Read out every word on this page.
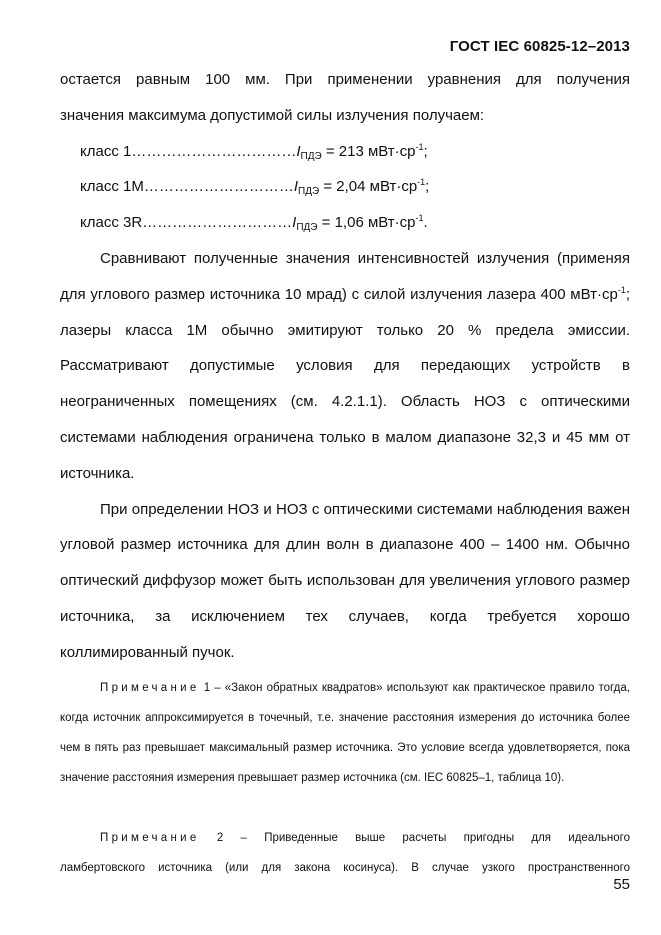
ГОСТ IEC 60825-12–2013

остается равным 100 мм. При применении уравнения для получения

значения максимума допустимой силы излучения получаем:

класс $1\dots\dots\dots\dots\dots\dots\dots\dots\dots\dots\dots I_{ПДЭ} = 213$ $мВт\cdot ср^{-1}$;

класс $1М\dots\dots\dots\dots\dots\dots\dots\dots\dots\dots I_{ПДЭ} = 2,04$ $мВт\cdot ср^{-1}$;

класс $3R\dots\dots\dots\dots\dots\dots\dots\dots\dots\dots I_{ПДЭ} = 1,06$ $мВт\cdot ср^{-1}$.

Сравнивают полученные значения интенсивностей излучения (применяя для углового размер источника 10 мрад) с силой излучения лазера 400 $мВт\cdot ср^{-1}$; лазеры класса 1М обычно эмитируют только 20 % предела эмиссии. Рассматривают допустимые условия для передающих устройств в неограниченных помещениях (см. 4.2.1.1). Область НОЗ с оптическими системами наблюдения ограничена только в малом диапазоне 32,3 и 45 мм от источника.

При определении НОЗ и НОЗ с оптическими системами наблюдения важен угловой размер источника для длин волн в диапазоне 400 – 1400 нм. Обычно оптический диффузор может быть использован для увеличения углового размер источника, за исключением тех случаев, когда требуется хорошо коллимированный пучок.

Примечание 1 – «Закон обратных квадратов» используют как практическое правило тогда, когда источник аппроксимируется в точечный, т.е. значение расстояния измерения до источника более чем в пять раз превышает максимальный размер источника. Это условие всегда удовлетворяется, пока значение расстояния измерения превышает размер источника (см. IEC 60825–1, таблица 10).

Примечание 2 – Приведенные выше расчеты пригодны для идеального

ламбертовского источника (или для закона косинуса). В случае узкого пространственного

55
